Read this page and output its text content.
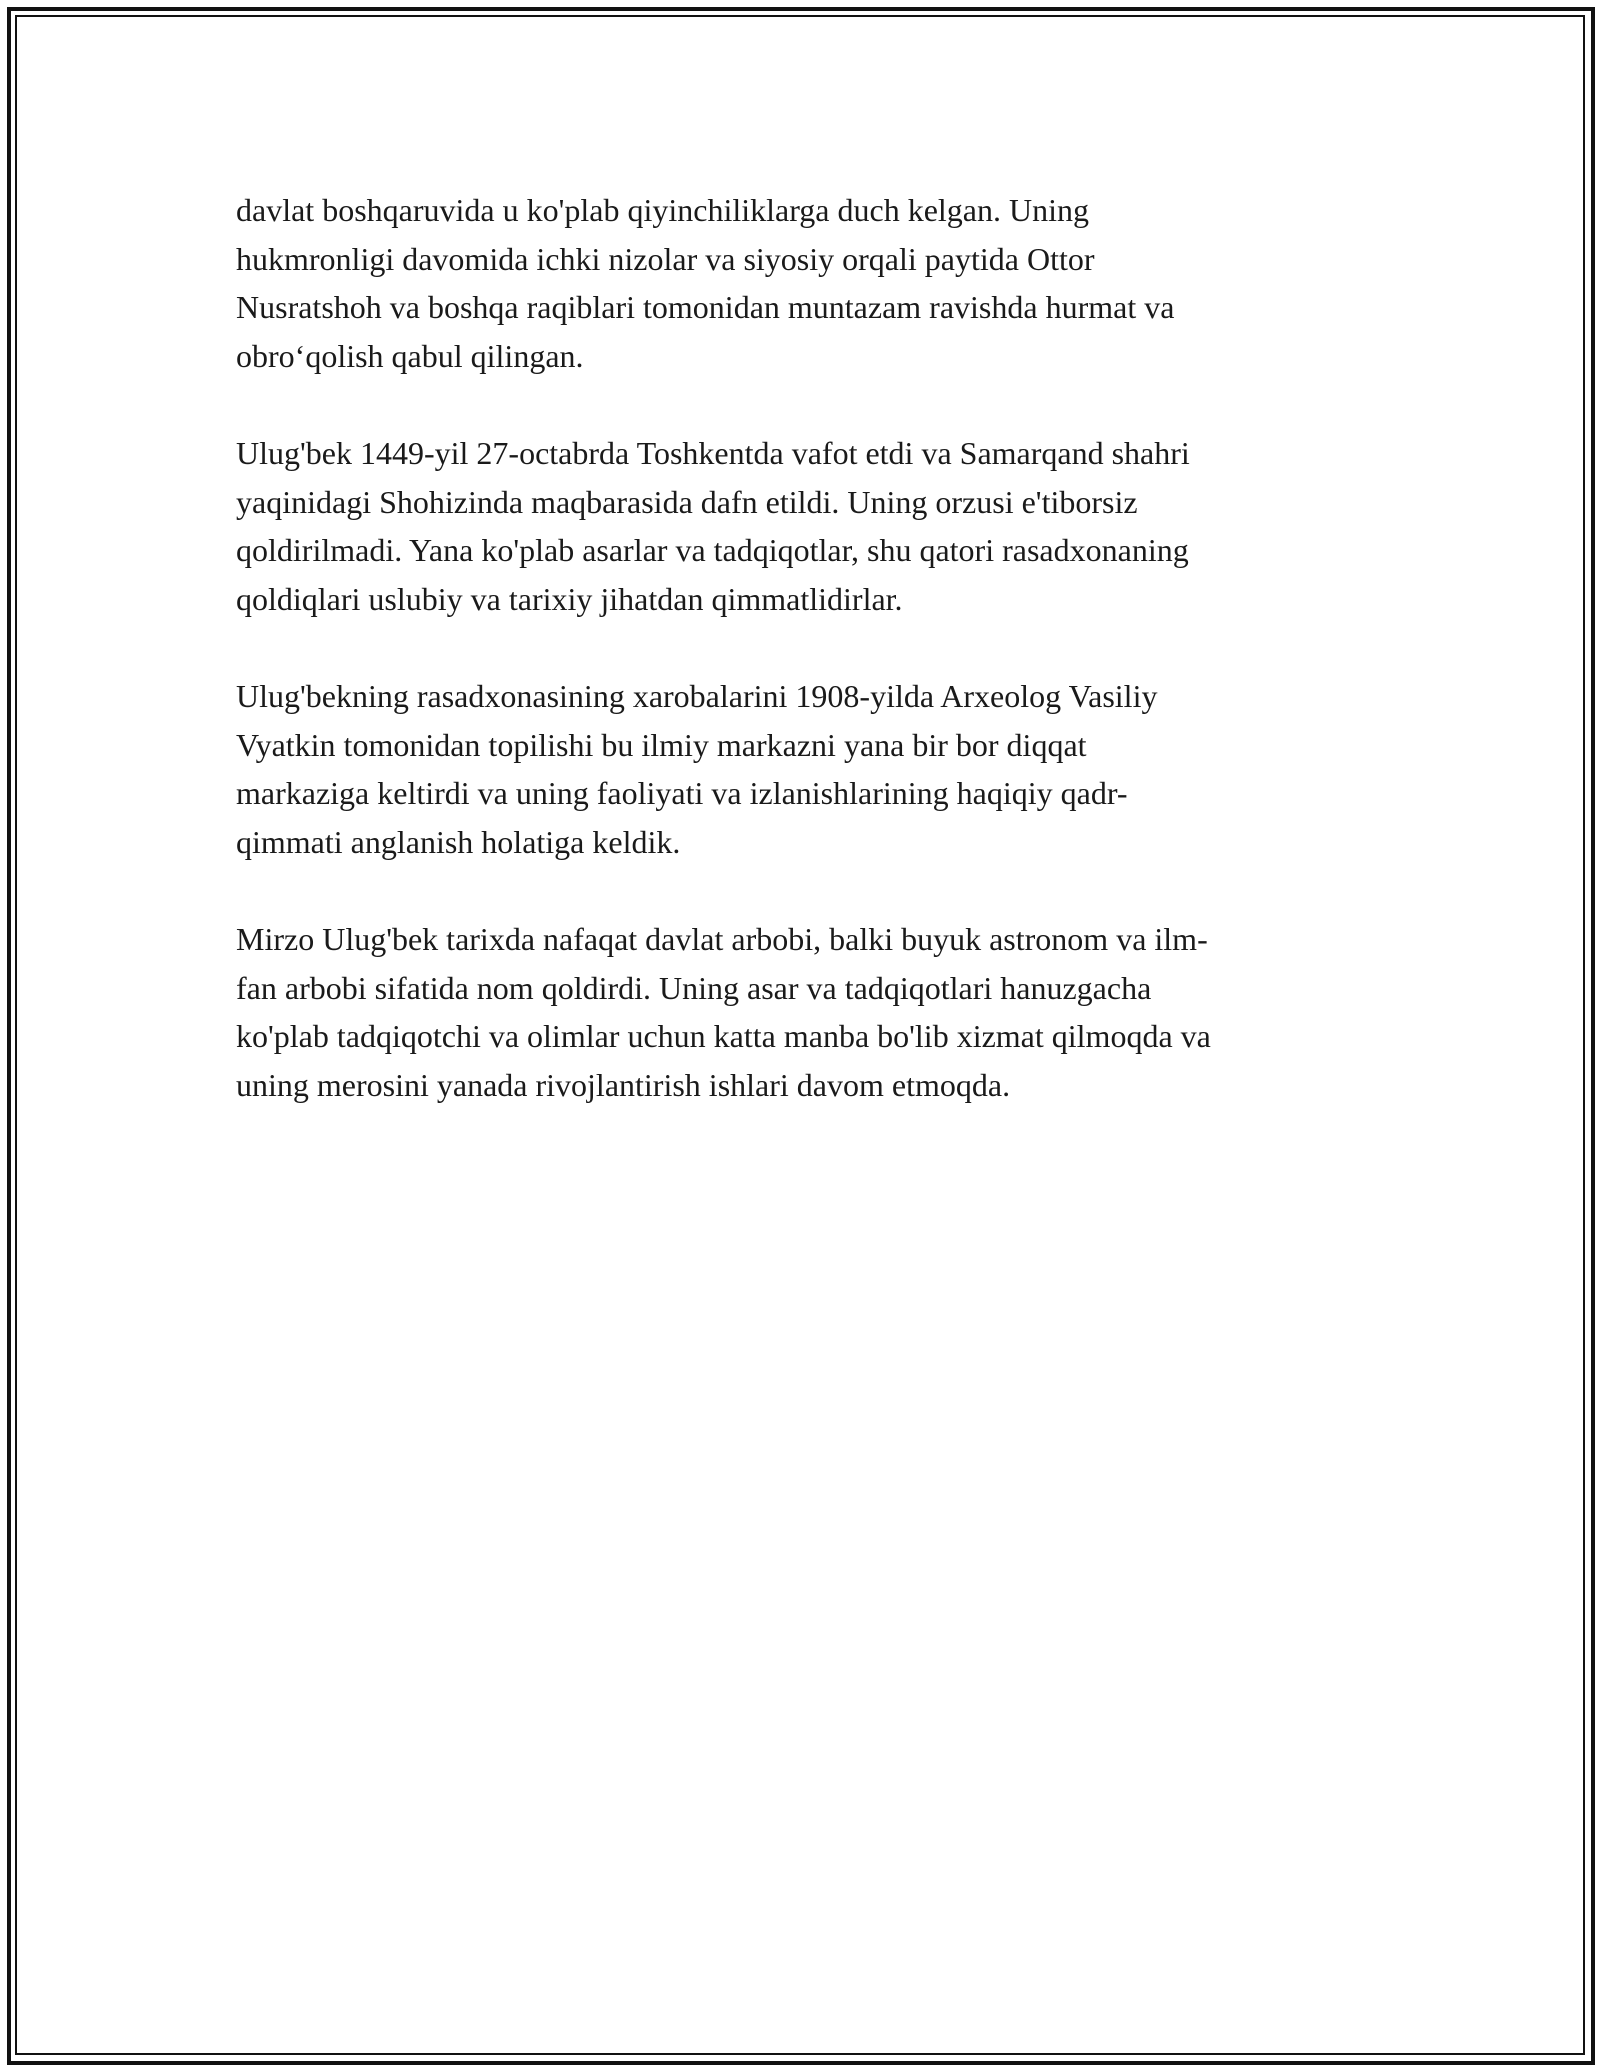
davlat boshqaruvida u ko'plab qiyinchiliklarga duch kelgan. Uning
hukmronligi davomida ichki nizolar va siyosiy orqali paytida Ottor
Nusratshoh va boshqa raqiblari tomonidan muntazam ravishda hurmat va
obro‘qolish qabul qilingan.

Ulug'bek 1449-yil 27-octabrda Toshkentda vafot etdi va Samarqand shahri
yaqinidagi Shohizinda maqbarasida dafn etildi. Uning orzusi e'tiborsiz
qoldirilmadi. Yana ko'plab asarlar va tadqiqotlar, shu qatori rasadxonaning
qoldiqlari uslubiy va tarixiy jihatdan qimmatlidirlar.

Ulug'bekning rasadxonasining xarobalarini 1908-yilda Arxeolog Vasiliy
Vyatkin tomonidan topilishi bu ilmiy markazni yana bir bor diqqat
markaziga keltirdi va uning faoliyati va izlanishlarining haqiqiy qadr-
qimmati anglanish holatiga keldik.

Mirzo Ulug'bek tarixda nafaqat davlat arbobi, balki buyuk astronom va ilm-
fan arbobi sifatida nom qoldirdi. Uning asar va tadqiqotlari hanuzgacha
ko'plab tadqiqotchi va olimlar uchun katta manba bo'lib xizmat qilmoqda va
uning merosini yanada rivojlantirish ishlari davom etmoqda.
